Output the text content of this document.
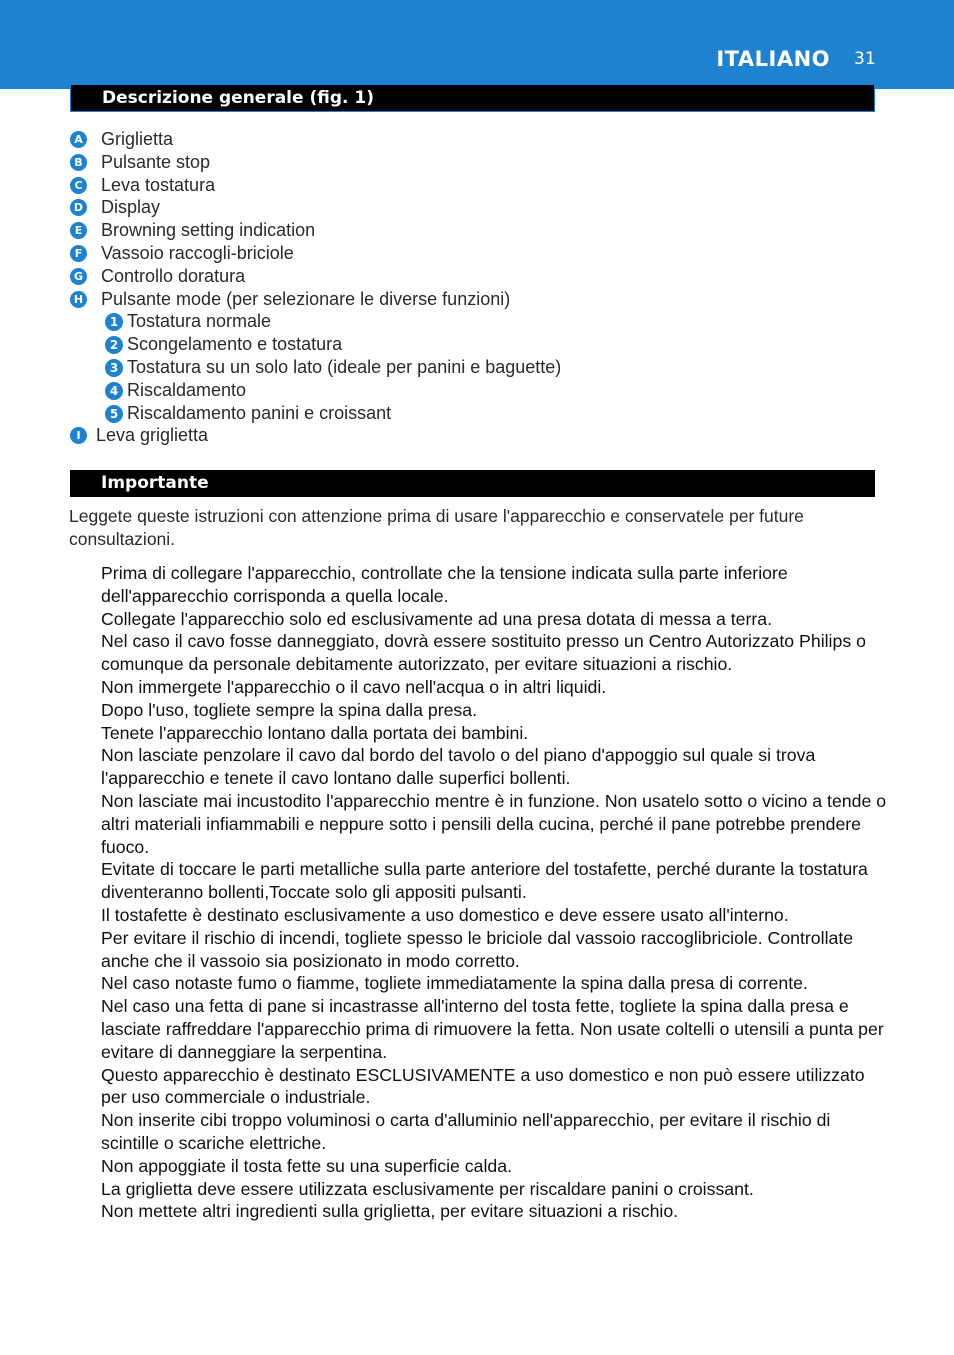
ITALIANO 31
Descrizione generale (fig. 1)
A Griglietta
B Pulsante stop
C Leva tostatura
D Display
E Browning setting indication
F Vassoio raccogli-briciole
G Controllo doratura
H Pulsante mode (per selezionare le diverse funzioni)
1 Tostatura normale
2 Scongelamento e tostatura
3 Tostatura su un solo lato (ideale per panini e baguette)
4 Riscaldamento
5 Riscaldamento panini e croissant
I Leva griglietta
Importante

Leggete queste istruzioni con attenzione prima di usare l'apparecchio e conservatele per future consultazioni.

Prima di collegare l'apparecchio, controllate che la tensione indicata sulla parte inferiore dell'apparecchio corrisponda a quella locale.
Collegate l'apparecchio solo ed esclusivamente ad una presa dotata di messa a terra.
Nel caso il cavo fosse danneggiato, dovrà essere sostituito presso un Centro Autorizzato Philips o comunque da personale debitamente autorizzato, per evitare situazioni a rischio.
Non immergete l'apparecchio o il cavo nell'acqua o in altri liquidi.
Dopo l'uso, togliete sempre la spina dalla presa.
Tenete l'apparecchio lontano dalla portata dei bambini.
Non lasciate penzolare il cavo dal bordo del tavolo o del piano d'appoggio sul quale si trova l'apparecchio e tenete il cavo lontano dalle superfici bollenti.
Non lasciate mai incustodito l'apparecchio mentre è in funzione. Non usatelo sotto o vicino a tende o altri materiali infiammabili e neppure sotto i pensili della cucina, perché il pane potrebbe prendere fuoco.
Evitate di toccare le parti metalliche sulla parte anteriore del tostafette, perché durante la tostatura diventeranno bollenti,Toccate solo gli appositi pulsanti.
Il tostafette è destinato esclusivamente a uso domestico e deve essere usato all'interno.
Per evitare il rischio di incendi, togliete spesso le briciole dal vassoio raccoglibriciole. Controllate anche che il vassoio sia posizionato in modo corretto.
Nel caso notaste fumo o fiamme, togliete immediatamente la spina dalla presa di corrente.
Nel caso una fetta di pane si incastrasse all'interno del tosta fette, togliete la spina dalla presa e lasciate raffreddare l'apparecchio prima di rimuovere la fetta. Non usate coltelli o utensili a punta per evitare di danneggiare la serpentina.
Questo apparecchio è destinato ESCLUSIVAMENTE a uso domestico e non può essere utilizzato per uso commerciale o industriale.
Non inserite cibi troppo voluminosi o carta d'alluminio nell'apparecchio, per evitare il rischio di scintille o scariche elettriche.
Non appoggiate il tosta fette su una superficie calda.
La griglietta deve essere utilizzata esclusivamente per riscaldare panini o croissant.
Non mettete altri ingredienti sulla griglietta, per evitare situazioni a rischio.
